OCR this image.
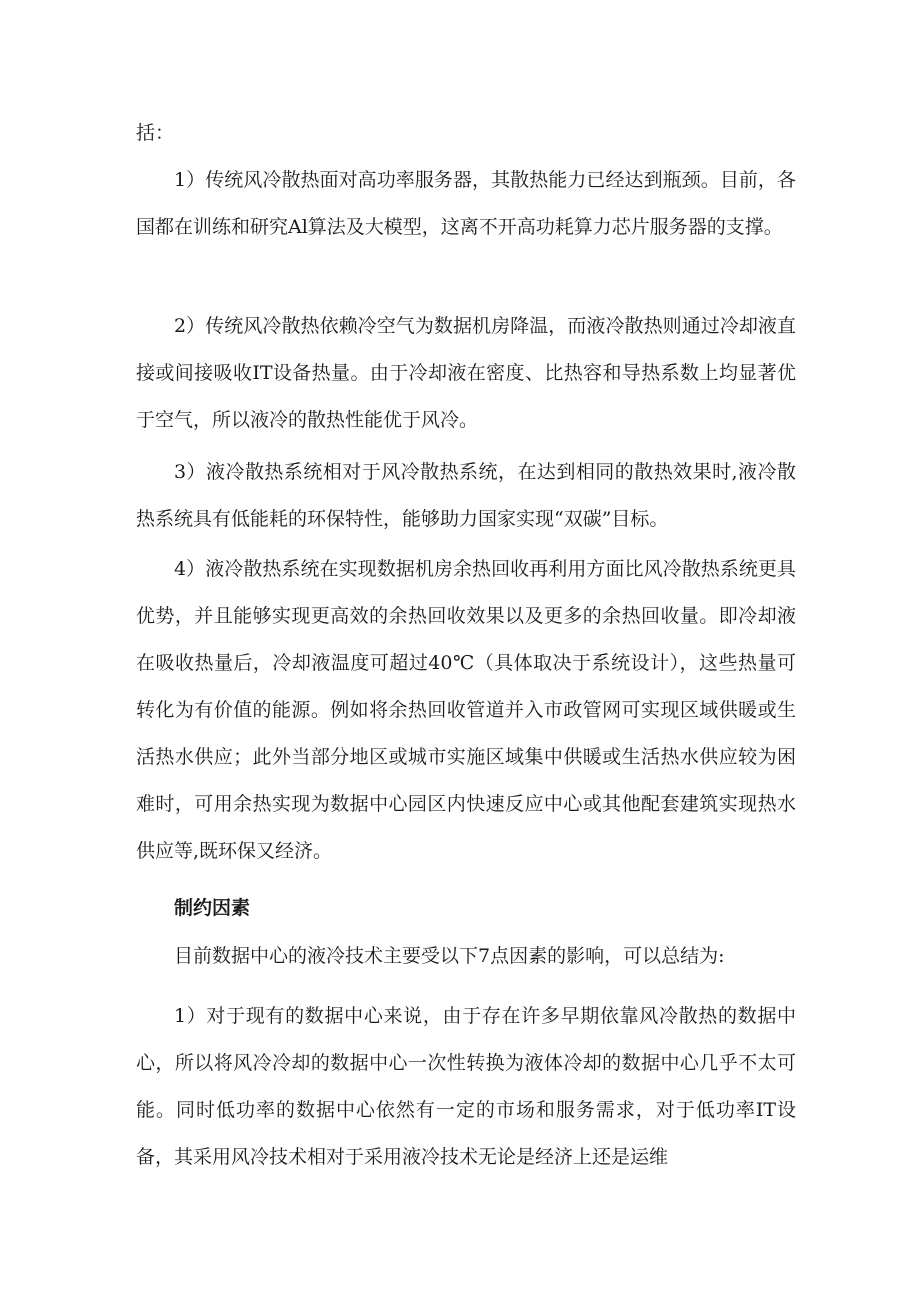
括：

1）传统风冷散热面对高功率服务器，其散热能力已经达到瓶颈。目前，各国都在训练和研究Al算法及大模型，这离不开高功耗算力芯片服务器的支撑。

2）传统风冷散热依赖冷空气为数据机房降温，而液冷散热则通过冷却液直接或间接吸收IT设备热量。由于冷却液在密度、比热容和导热系数上均显著优于空气，所以液冷的散热性能优于风冷。

3）液冷散热系统相对于风冷散热系统，在达到相同的散热效果时,液冷散热系统具有低能耗的环保特性，能够助力国家实现“双碳”目标。

4）液冷散热系统在实现数据机房余热回收再利用方面比风冷散热系统更具优势，并且能够实现更高效的余热回收效果以及更多的余热回收量。即冷却液在吸收热量后，冷却液温度可超过40℃（具体取决于系统设计），这些热量可转化为有价值的能源。例如将余热回收管道并入市政管网可实现区域供暖或生活热水供应；此外当部分地区或城市实施区域集中供暖或生活热水供应较为困难时，可用余热实现为数据中心园区内快速反应中心或其他配套建筑实现热水供应等,既环保又经济。

制约因素

目前数据中心的液冷技术主要受以下7点因素的影响，可以总结为:

1）对于现有的数据中心来说，由于存在许多早期依靠风冷散热的数据中心，所以将风冷冷却的数据中心一次性转换为液体冷却的数据中心几乎不太可能。同时低功率的数据中心依然有一定的市场和服务需求，对于低功率IT设备，其采用风冷技术相对于采用液冷技术无论是经济上还是运维
